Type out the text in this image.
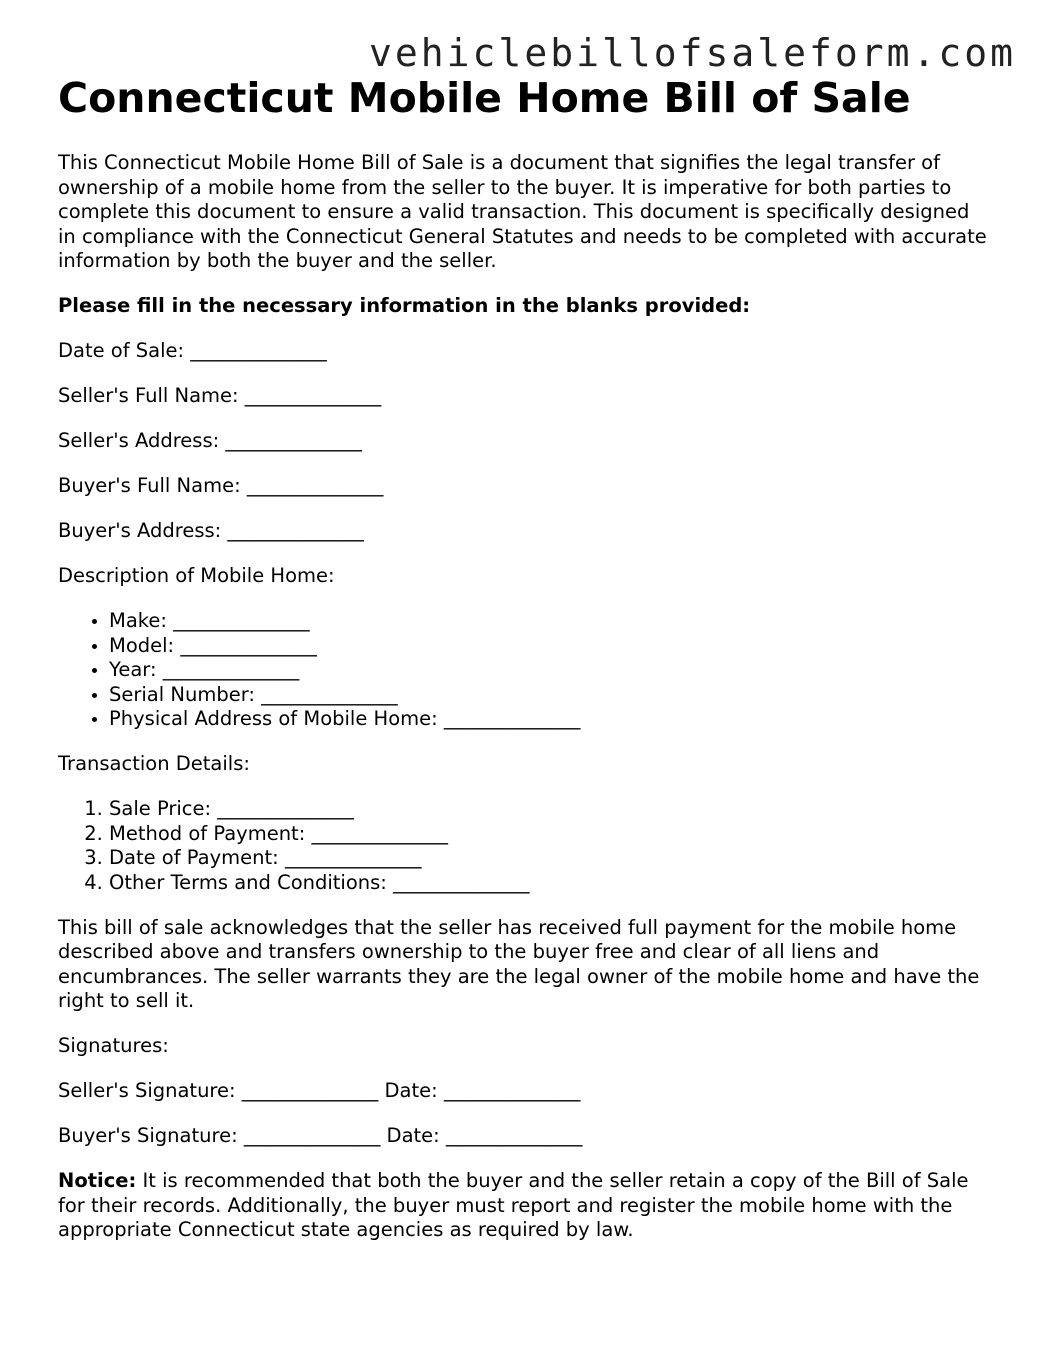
vehiclebillofsaleform.com
Connecticut Mobile Home Bill of Sale

This Connecticut Mobile Home Bill of Sale is a document that signifies the legal transfer of ownership of a mobile home from the seller to the buyer. It is imperative for both parties to complete this document to ensure a valid transaction. This document is specifically designed in compliance with the Connecticut General Statutes and needs to be completed with accurate information by both the buyer and the seller.

Please fill in the necessary information in the blanks provided:

Date of Sale: ______________

Seller's Full Name: ______________

Seller's Address: ______________

Buyer's Full Name: ______________

Buyer's Address: ______________

Description of Mobile Home:

• Make: ______________
• Model: ______________
• Year: ______________
• Serial Number: ______________
• Physical Address of Mobile Home: ______________

Transaction Details:

1. Sale Price: ______________
2. Method of Payment: ______________
3. Date of Payment: ______________
4. Other Terms and Conditions: ______________

This bill of sale acknowledges that the seller has received full payment for the mobile home described above and transfers ownership to the buyer free and clear of all liens and encumbrances. The seller warrants they are the legal owner of the mobile home and have the right to sell it.

Signatures:

Seller's Signature: ______________ Date: ______________

Buyer's Signature: ______________ Date: ______________

Notice: It is recommended that both the buyer and the seller retain a copy of the Bill of Sale for their records. Additionally, the buyer must report and register the mobile home with the appropriate Connecticut state agencies as required by law.
